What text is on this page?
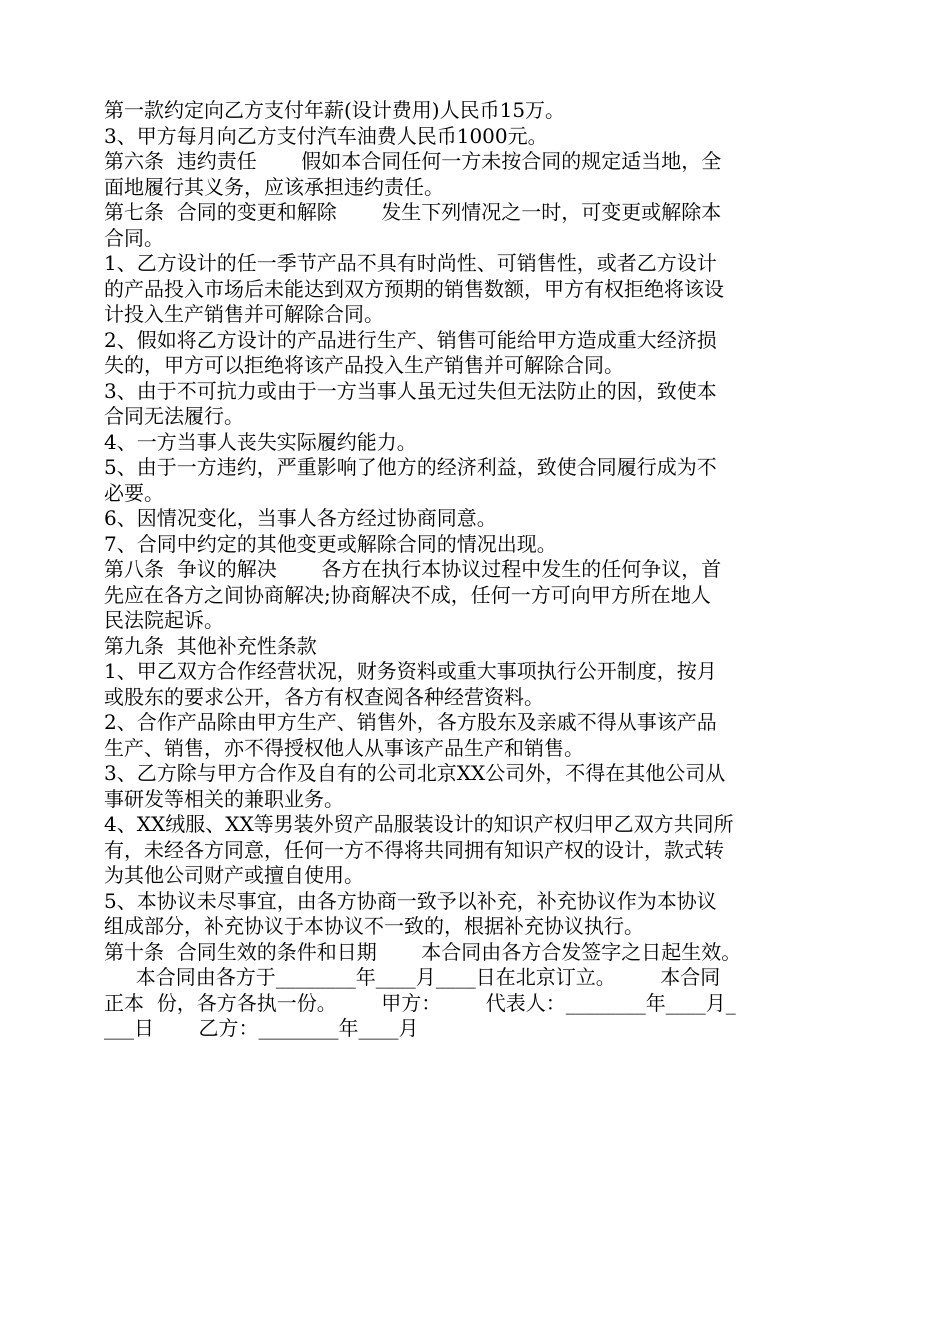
第一款约定向乙方支付年薪(设计费用)人民币15万。
3、甲方每月向乙方支付汽车油费人民币1000元。
第六条  违约责任       假如本合同任何一方未按合同的规定适当地，全
面地履行其义务，应该承担违约责任。
第七条  合同的变更和解除       发生下列情况之一时，可变更或解除本
合同。
1、乙方设计的任一季节产品不具有时尚性、可销售性，或者乙方设计
的产品投入市场后未能达到双方预期的销售数额，甲方有权拒绝将该设
计投入生产销售并可解除合同。
2、假如将乙方设计的产品进行生产、销售可能给甲方造成重大经济损
失的，甲方可以拒绝将该产品投入生产销售并可解除合同。
3、由于不可抗力或由于一方当事人虽无过失但无法防止的因，致使本
合同无法履行。
4、一方当事人丧失实际履约能力。
5、由于一方违约，严重影响了他方的经济利益，致使合同履行成为不
必要。
6、因情况变化，当事人各方经过协商同意。
7、合同中约定的其他变更或解除合同的情况出现。
第八条  争议的解决       各方在执行本协议过程中发生的任何争议，首
先应在各方之间协商解决;协商解决不成，任何一方可向甲方所在地人
民法院起诉。
第九条  其他补充性条款
1、甲乙双方合作经营状况，财务资料或重大事项执行公开制度，按月
或股东的要求公开，各方有权查阅各种经营资料。
2、合作产品除由甲方生产、销售外，各方股东及亲戚不得从事该产品
生产、销售，亦不得授权他人从事该产品生产和销售。
3、乙方除与甲方合作及自有的公司北京XX公司外，不得在其他公司从
事研发等相关的兼职业务。
4、XX绒服、XX等男装外贸产品服装设计的知识产权归甲乙双方共同所
有，未经各方同意，任何一方不得将共同拥有知识产权的设计，款式转
为其他公司财产或擅自使用。
5、本协议未尽事宜，由各方协商一致予以补充，补充协议作为本协议
组成部分，补充协议于本协议不一致的，根据补充协议执行。
第十条  合同生效的条件和日期       本合同由各方合发签字之日起生效。
本合同由各方于________年____月____日在北京订立。       本合同
正本  份，各方各执一份。       甲方：       代表人：________年____月_
___日       乙方：________年____月
